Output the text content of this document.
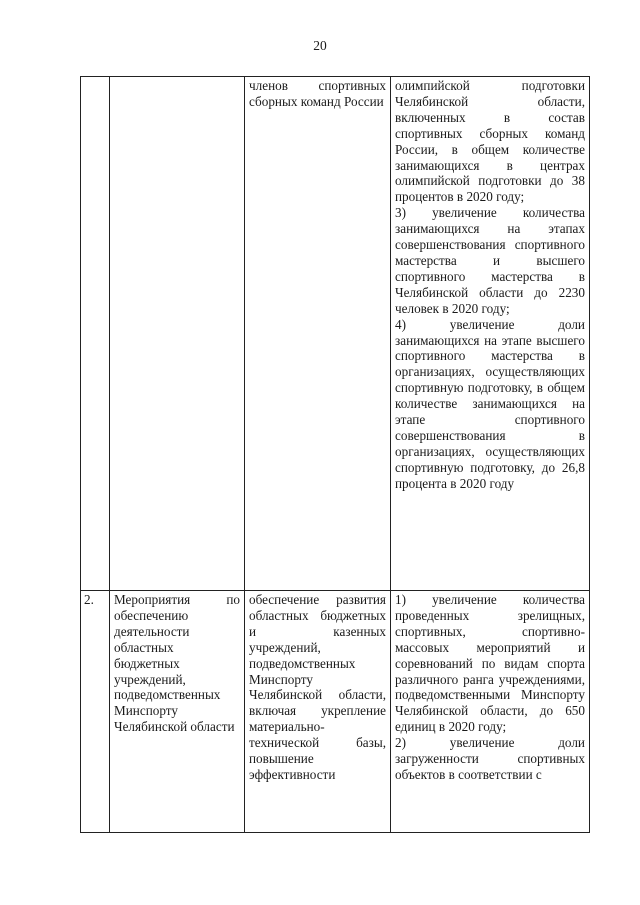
20
		членов спортивных сборных команд России	олимпийской подготовки Челябинской области, включенных в состав спортивных сборных команд России, в общем количестве занимающихся в центрах олимпийской подготовки до 38 процентов в 2020 году;
3) увеличение количества занимающихся на этапах совершенствования спортивного мастерства и высшего спортивного мастерства в Челябинской области до 2230 человек в 2020 году;
4) увеличение доли занимающихся на этапе высшего спортивного мастерства в организациях, осуществляющих спортивную подготовку, в общем количестве занимающихся на этапе спортивного совершенствования в организациях, осуществляющих спортивную подготовку, до 26,8 процента в 2020 году
2.	Мероприятия по обеспечению деятельности областных бюджетных учреждений, подведомственных Минспорту Челябинской области	обеспечение развития областных бюджетных и казенных учреждений, подведомственных Минспорту Челябинской области, включая укрепление материально-технической базы, повышение эффективности	1) увеличение количества проведенных зрелищных, спортивных, спортивно-массовых мероприятий и соревнований по видам спорта различного ранга учреждениями, подведомственными Минспорту Челябинской области, до 650 единиц в 2020 году;
2) увеличение доли загруженности спортивных объектов в соответствии с
